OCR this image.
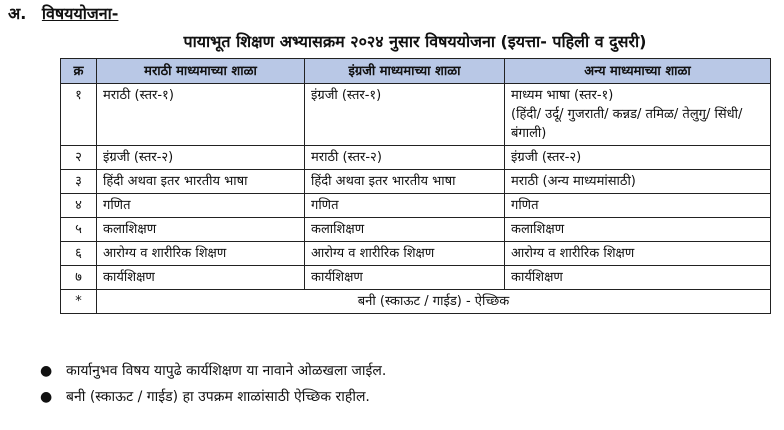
अ. विषययोजना-
पायाभूत शिक्षण अभ्यासक्रम २०२४ नुसार विषययोजना (इयत्ता- पहिली व दुसरी)
क्र	मराठी माध्यमाच्या शाळा	इंग्रजी माध्यमाच्या शाळा	अन्य माध्यमाच्या शाळा
१	मराठी (स्तर-१)	इंग्रजी (स्तर-१)	माध्यम भाषा (स्तर-१)
(हिंदी/ उर्दू/ गुजराती/ कन्नड/ तमिळ/ तेलुगु/ सिंधी/ बंगाली)

२	इंग्रजी (स्तर-२)	मराठी (स्तर-२)	इंग्रजी (स्तर-२)
३	हिंदी अथवा इतर भारतीय भाषा	हिंदी अथवा इतर भारतीय भाषा	मराठी (अन्य माध्यमांसाठी)
४	गणित	गणित	गणित
५	कलाशिक्षण	कलाशिक्षण	कलाशिक्षण
६	आरोग्य व शारीरिक शिक्षण	आरोग्य व शारीरिक शिक्षण	आरोग्य व शारीरिक शिक्षण
७	कार्यशिक्षण	कार्यशिक्षण	कार्यशिक्षण
*	बनी (स्काऊट / गाईड) - ऐच्छिक		
● कार्यानुभव विषय यापुढे कार्यशिक्षण या नावाने ओळखला जाईल.
● बनी (स्काऊट / गाईड) हा उपक्रम शाळांसाठी ऐच्छिक राहील.
